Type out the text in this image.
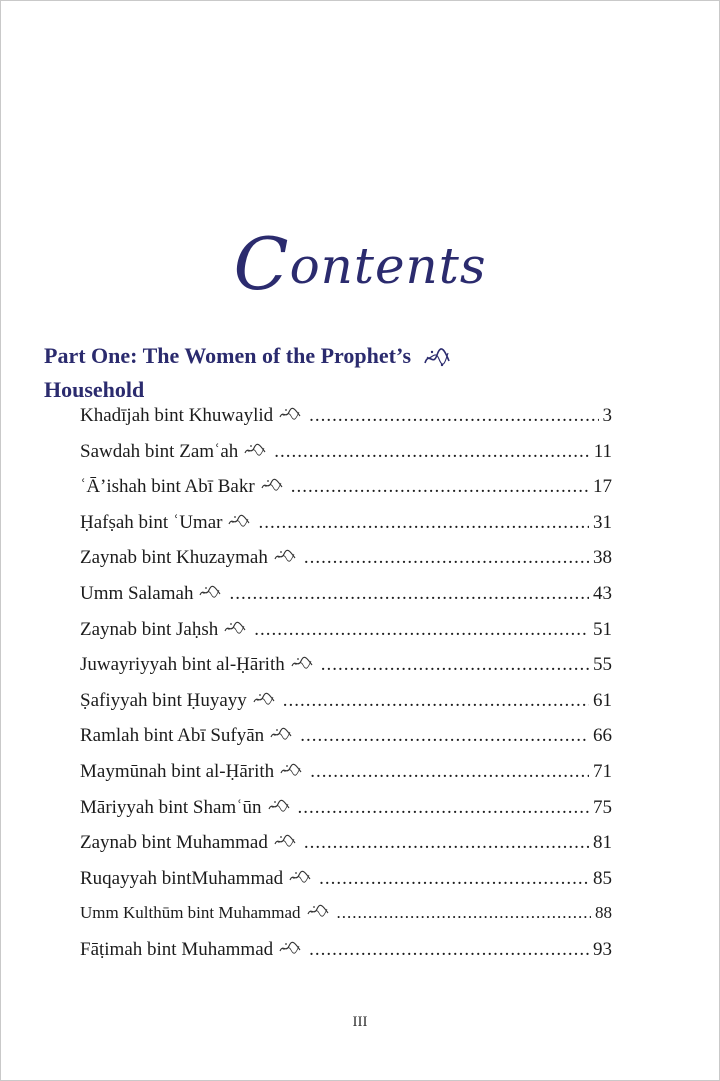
Contents
Part One: The Women of the Prophet’s
Household
Khadījah bint Khuwaylid .....	3
Sawdah bint Zamʿah .....	11
ʿĀ’ishah bint Abī Bakr .....	17
Ḥafṣah bint ʿUmar .....	31
Zaynab bint Khuzaymah .....	38
Umm Salamah .....	43
Zaynab bint Jaḥsh .....	51
Juwayriyyah bint al-Ḥārith .....	55
Ṣafiyyah bint Ḥuyayy .....	61
Ramlah bint Abī Sufyān .....	66
Maymūnah bint al-Ḥārith .....	71
Māriyyah bint Shamʿūn .....	75
Zaynab bint Muhammad .....	81
Ruqayyah bintMuhammad .....	85
Umm Kulthūm bint Muhammad .....	88
Fāṭimah bint Muhammad .....	93
III
